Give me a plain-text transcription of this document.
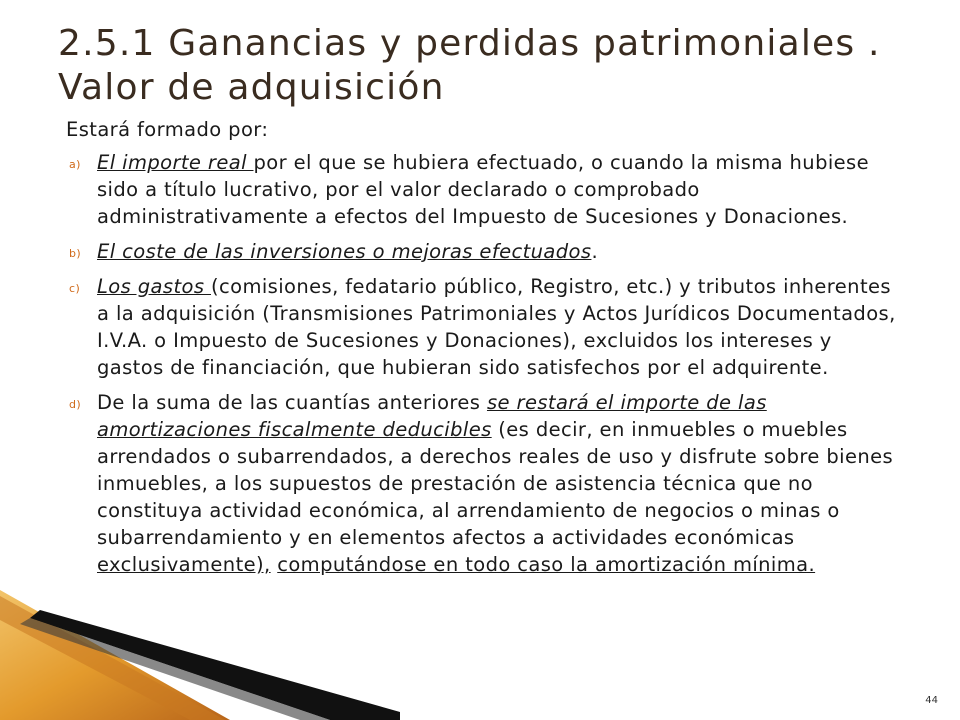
2.5.1 Ganancias y perdidas patrimoniales . Valor de adquisición

Estará formado por:

a) El importe real por el que se hubiera efectuado, o cuando la misma hubiese sido a título lucrativo, por el valor declarado o comprobado administrativamente a efectos del Impuesto de Sucesiones y Donaciones.
b) El coste de las inversiones o mejoras efectuados.
c) Los gastos (comisiones, fedatario público, Registro, etc.) y tributos inherentes a la adquisición (Transmisiones Patrimoniales y Actos Jurídicos Documentados, I.V.A. o Impuesto de Sucesiones y Donaciones), excluidos los intereses y gastos de financiación, que hubieran sido satisfechos por el adquirente.
d) De la suma de las cuantías anteriores se restará el importe de las amortizaciones fiscalmente deducibles (es decir, en inmuebles o muebles arrendados o subarrendados, a derechos reales de uso y disfrute sobre bienes inmuebles, a los supuestos de prestación de asistencia técnica que no constituya actividad económica, al arrendamiento de negocios o minas o subarrendamiento y en elementos afectos a actividades económicas exclusivamente), computándose en todo caso la amortización mínima.
44
